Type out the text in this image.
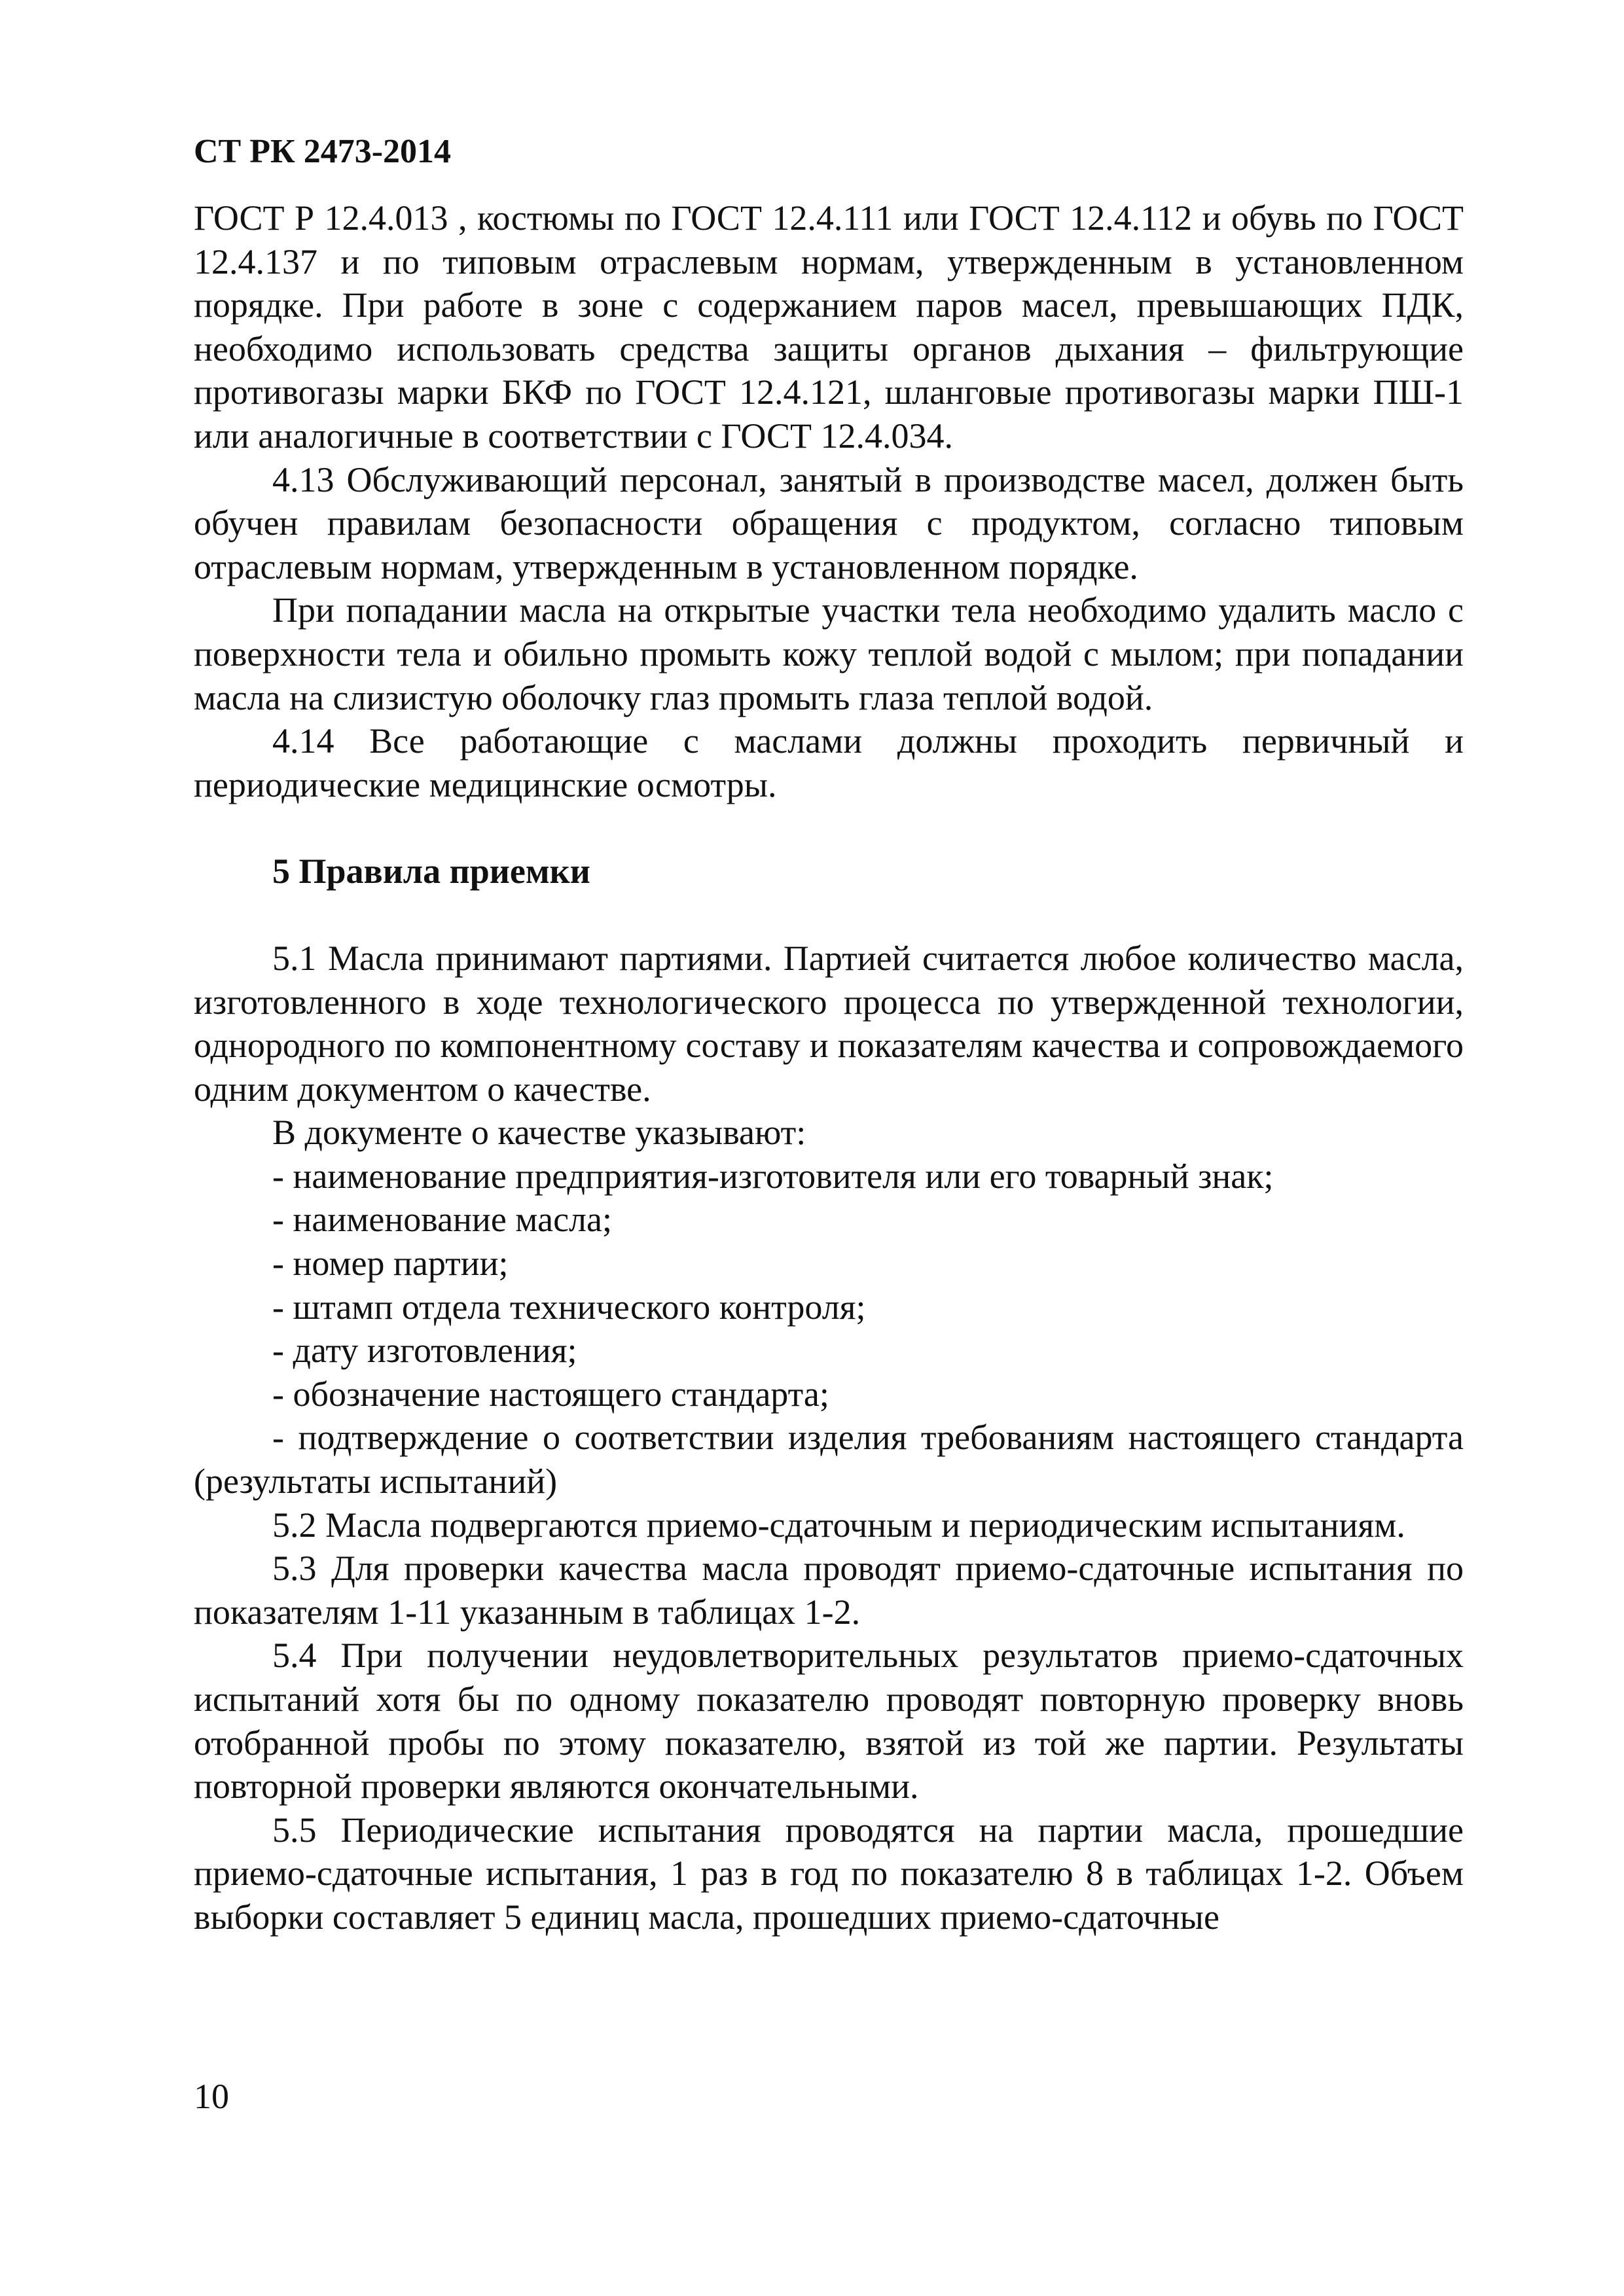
СТ РК 2473-2014

ГОСТ Р 12.4.013 , костюмы по ГОСТ 12.4.111 или ГОСТ 12.4.112 и обувь по ГОСТ 12.4.137 и по типовым отраслевым нормам, утвержденным в установленном порядке. При работе в зоне с содержанием паров масел, превышающих ПДК, необходимо использовать средства защиты органов дыхания – фильтрующие противогазы марки БКФ по ГОСТ 12.4.121, шланговые противогазы марки ПШ-1 или аналогичные в соответствии с ГОСТ 12.4.034.

4.13 Обслуживающий персонал, занятый в производстве масел, должен быть обучен правилам безопасности обращения с продуктом, согласно типовым отраслевым нормам, утвержденным в установленном порядке.

При попадании масла на открытые участки тела необходимо удалить масло с поверхности тела и обильно промыть кожу теплой водой с мылом; при попадании масла на слизистую оболочку глаз промыть глаза теплой водой.

4.14 Все работающие с маслами должны проходить первичный и периодические медицинские осмотры.

5 Правила приемки

5.1 Масла принимают партиями. Партией считается любое количество масла, изготовленного в ходе технологического процесса по утвержденной технологии, однородного по компонентному составу и показателям качества и сопровождаемого одним документом о качестве.

В документе о качестве указывают:

- наименование предприятия-изготовителя или его товарный знак;

- наименование масла;

- номер партии;

- штамп отдела технического контроля;

- дату изготовления;

- обозначение настоящего стандарта;

- подтверждение о соответствии изделия требованиям настоящего стандарта (результаты испытаний)

5.2 Масла подвергаются приемо-сдаточным и периодическим испытаниям.

5.3 Для проверки качества масла проводят приемо-сдаточные испытания по показателям 1-11 указанным в таблицах 1-2.

5.4 При получении неудовлетворительных результатов приемо-сдаточных испытаний хотя бы по одному показателю проводят повторную проверку вновь отобранной пробы по этому показателю, взятой из той же партии. Результаты повторной проверки являются окончательными.

5.5 Периодические испытания проводятся на партии масла, прошедшие приемо-сдаточные испытания, 1 раз в год по показателю 8 в таблицах 1-2. Объем выборки составляет 5 единиц масла, прошедших приемо-сдаточные

10
